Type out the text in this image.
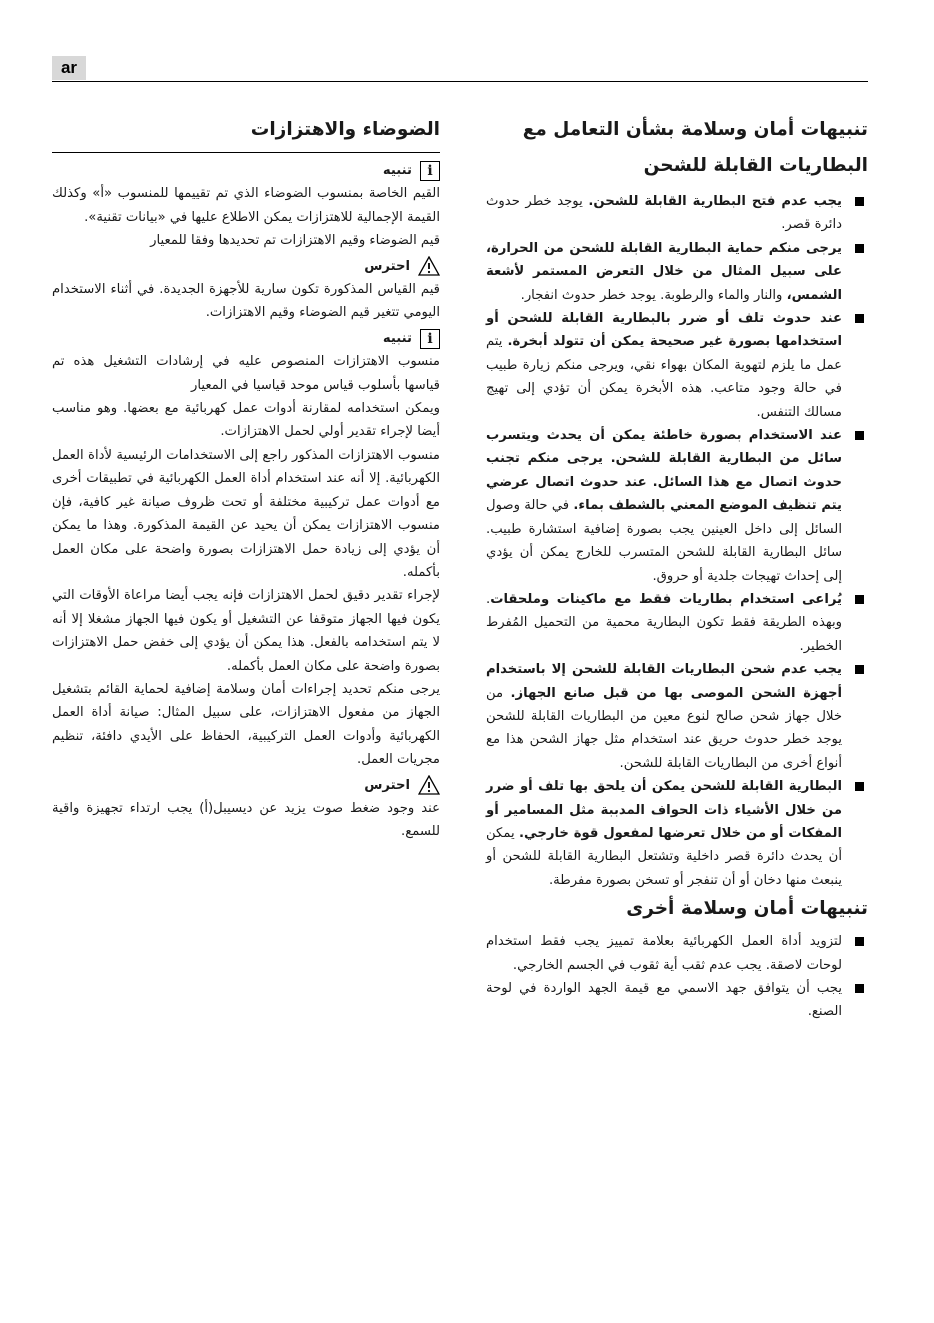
ar
تنبيهات أمان وسلامة بشأن التعامل مع البطاريات القابلة للشحن
يجب عدم فتح البطارية القابلة للشحن. يوجد خطر حدوث دائرة قصر.
يرجى منكم حماية البطارية القابلة للشحن من الحرارة، على سبيل المثال من خلال التعرض المستمر لأشعة الشمس، والنار والماء والرطوبة. يوجد خطر حدوث انفجار.
عند حدوث تلف أو ضرر بالبطارية القابلة للشحن أو استخدامها بصورة غير صحيحة يمكن أن تتولد أبخرة. يتم عمل ما يلزم لتهوية المكان بهواء نقي، ويرجى منكم زيارة طبيب في حالة وجود متاعب. هذه الأبخرة يمكن أن تؤدي إلى تهيج مسالك التنفس.
عند الاستخدام بصورة خاطئة يمكن أن يحدث ويتسرب سائل من البطارية القابلة للشحن. يرجى منكم تجنب حدوث اتصال مع هذا السائل. عند حدوث اتصال عرضي يتم تنظيف الموضع المعني بالشطف بماء. في حالة وصول السائل إلى داخل العينين يجب بصورة إضافية استشارة طبيب. سائل البطارية القابلة للشحن المتسرب للخارج يمكن أن يؤدي إلى إحداث تهيجات جلدية أو حروق.
يُراعى استخدام بطاريات فقط مع ماكينات وملحقات. وبهذه الطريقة فقط تكون البطارية محمية من التحميل المُفرط الخطير.
يجب عدم شحن البطاريات القابلة للشحن إلا باستخدام أجهزة الشحن الموصى بها من قبل صانع الجهاز. من خلال جهاز شحن صالح لنوع معين من البطاريات القابلة للشحن يوجد خطر حدوث حريق عند استخدام مثل جهاز الشحن هذا مع أنواع أخرى من البطاريات القابلة للشحن.
البطارية القابلة للشحن يمكن أن يلحق بها تلف أو ضرر من خلال الأشياء ذات الحواف المدببة مثل المسامير أو المفكات أو من خلال تعرضها لمفعول قوة خارجي. يمكن أن يحدث دائرة قصر داخلية وتشتعل البطارية القابلة للشحن أو ينبعث منها دخان أو أن تنفجر أو تسخن بصورة مفرطة.
تنبيهات أمان وسلامة أخرى
لتزويد أداة العمل الكهربائية بعلامة تمييز يجب فقط استخدام لوحات لاصقة. يجب عدم ثقب أية ثقوب في الجسم الخارجي.
يجب أن يتوافق جهد الاسمي مع قيمة الجهد الواردة في لوحة الصنع.
الضوضاء والاهتزازات
i
تنبيه

القيم الخاصة بمنسوب الضوضاء الذي تم تقييمها للمنسوب «أ» وكذلك القيمة الإجمالية للاهتزازات يمكن الاطلاع عليها في «بيانات تقنية».

قيم الضوضاء وقيم الاهتزازات تم تحديدها وفقا للمعيار

احترس

قيم القياس المذكورة تكون سارية للأجهزة الجديدة. في أثناء الاستخدام اليومي تتغير قيم الضوضاء وقيم الاهتزازات.

i
تنبيه

منسوب الاهتزازات المنصوص عليه في إرشادات التشغيل هذه تم قياسها بأسلوب قياس موحد قياسيا في المعيار

ويمكن استخدامه لمقارنة أدوات عمل كهربائية مع بعضها. وهو مناسب أيضا لإجراء تقدير أولي لحمل الاهتزازات.

منسوب الاهتزازات المذكور راجع إلى الاستخدامات الرئيسية لأداة العمل الكهربائية. إلا أنه عند استخدام أداة العمل الكهربائية في تطبيقات أخرى مع أدوات عمل تركيبية مختلفة أو تحت ظروف صيانة غير كافية، فإن منسوب الاهتزازات يمكن أن يحيد عن القيمة المذكورة. وهذا ما يمكن أن يؤدي إلى زيادة حمل الاهتزازات بصورة واضحة على مكان العمل بأكمله.

لإجراء تقدير دقيق لحمل الاهتزازات فإنه يجب أيضا مراعاة الأوقات التي يكون فيها الجهاز متوقفا عن التشغيل أو يكون فيها الجهاز مشغلا إلا أنه لا يتم استخدامه بالفعل. هذا يمكن أن يؤدي إلى خفض حمل الاهتزازات بصورة واضحة على مكان العمل بأكمله.

يرجى منكم تحديد إجراءات أمان وسلامة إضافية لحماية القائم بتشغيل الجهاز من مفعول الاهتزازات، على سبيل المثال: صيانة أداة العمل الكهربائية وأدوات العمل التركيبية، الحفاظ على الأيدي دافئة، تنظيم مجريات العمل.

احترس

عند وجود ضغط صوت يزيد عن ديسيبل(أ) يجب ارتداء تجهيزة واقية للسمع.
